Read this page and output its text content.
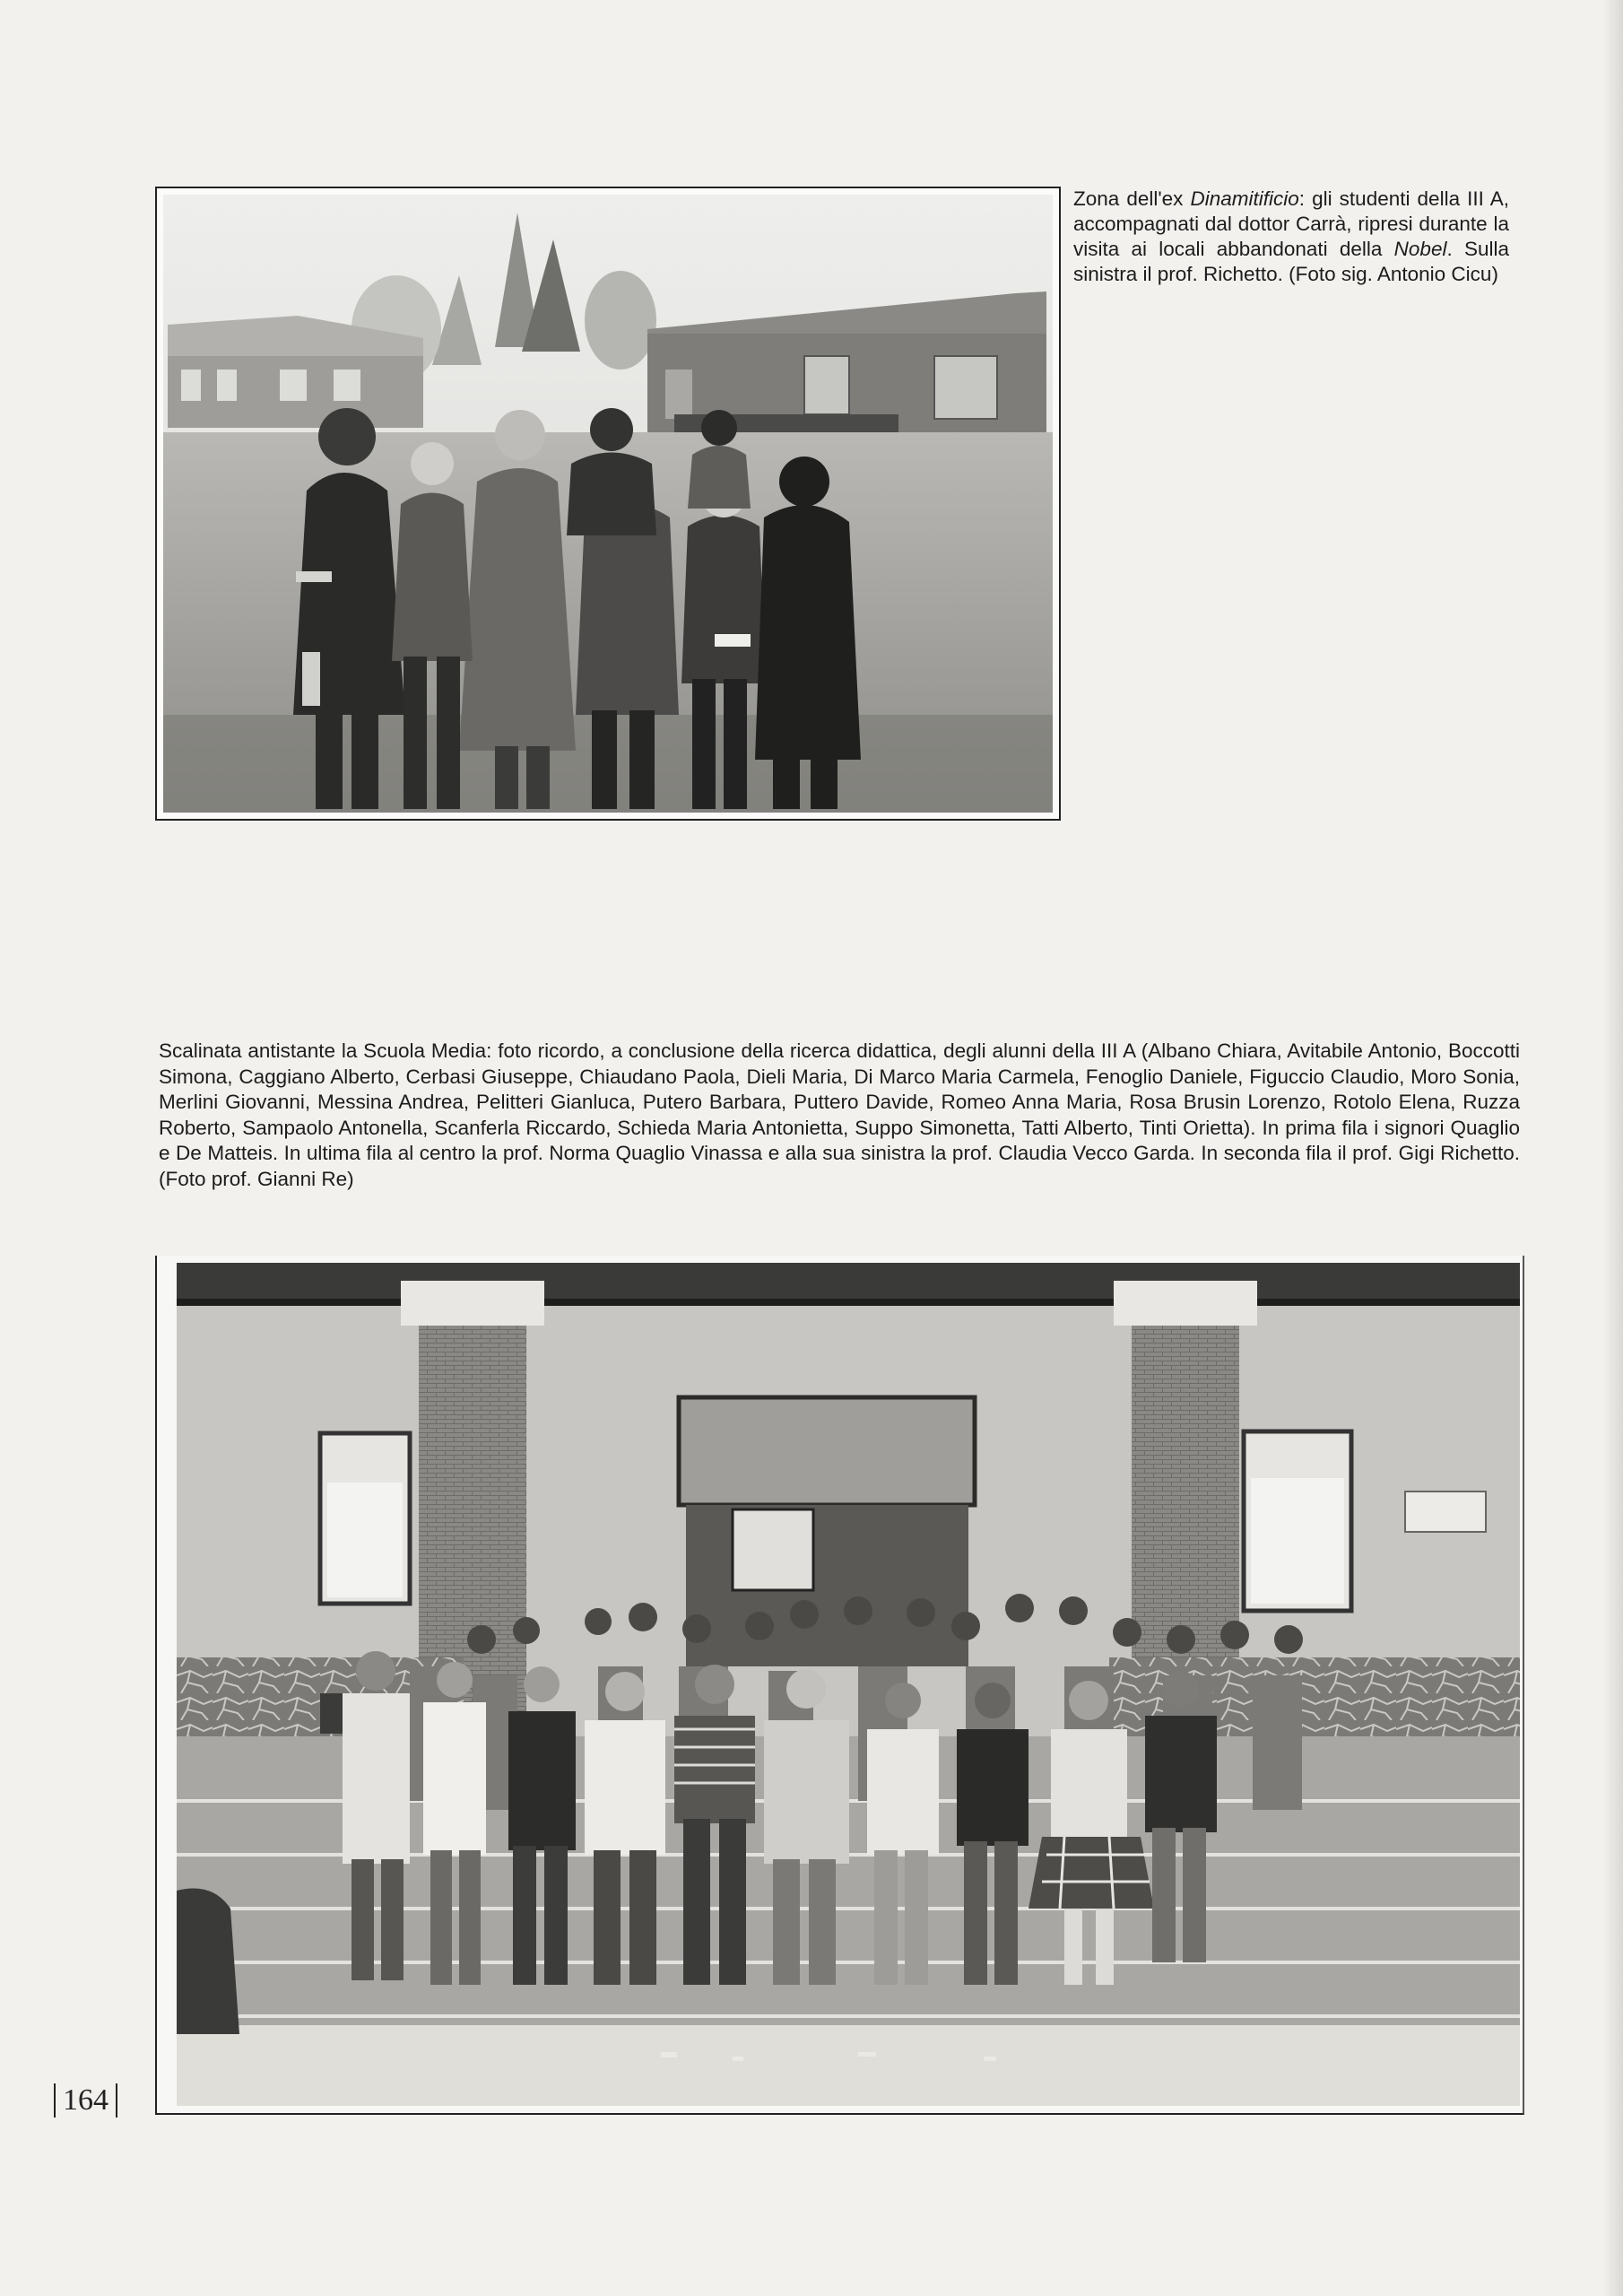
Zona dell'ex Dinamitificio: gli studenti della III A, accompagnati dal dottor Carrà, ripresi durante la visita ai locali abbandonati della Nobel. Sulla sinistra il prof. Richetto. (Foto sig. Antonio Cicu)

Scalinata antistante la Scuola Media: foto ricordo, a conclusione della ricerca didattica, degli alunni della III A (Albano Chiara, Avitabile Antonio, Boccotti Simona, Caggiano Alberto, Cerbasi Giuseppe, Chiaudano Paola, Dieli Maria, Di Marco Maria Carmela, Fenoglio Daniele, Figuccio Claudio, Moro Sonia, Merlini Giovanni, Messina Andrea, Pelitteri Gianluca, Putero Barbara, Puttero Davide, Romeo Anna Maria, Rosa Brusin Lorenzo, Rotolo Elena, Ruzza Roberto, Sampaolo Antonella, Scanferla Riccardo, Schieda Maria Antonietta, Suppo Simonetta, Tatti Alberto, Tinti Orietta). In prima fila i signori Quaglio e De Matteis. In ultima fila al centro la prof. Norma Quaglio Vinassa e alla sua sinistra la prof. Claudia Vecco Garda. In seconda fila il prof. Gigi Richetto. (Foto prof. Gianni Re)

164
